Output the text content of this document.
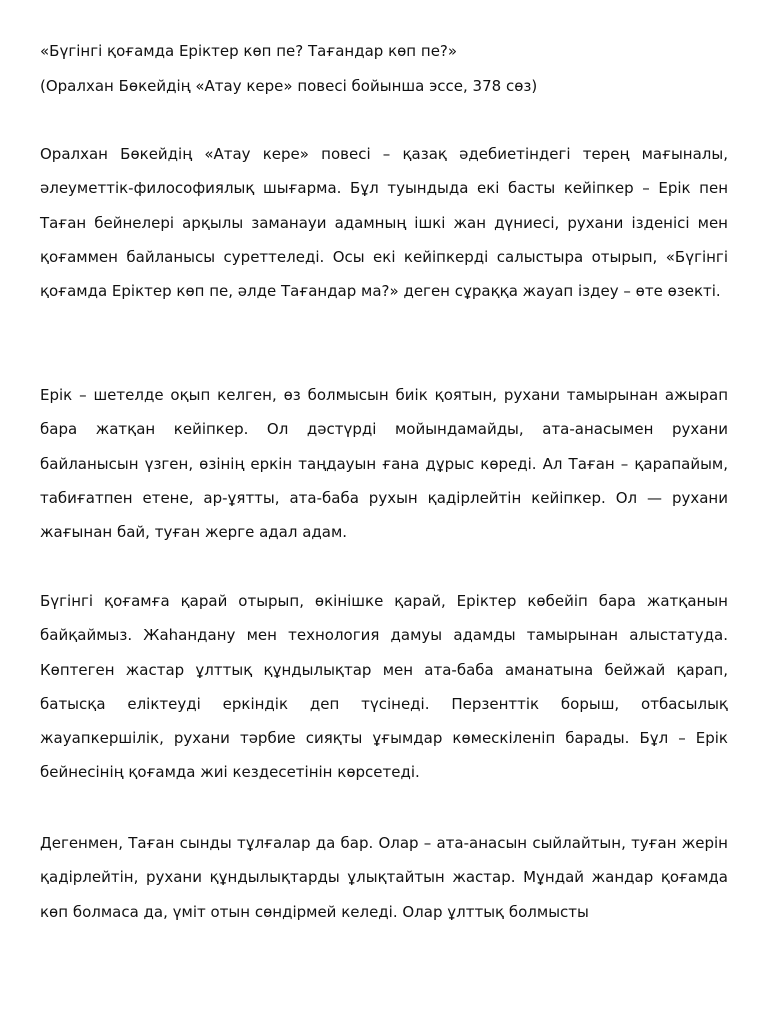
«Бүгінгі қоғамда Еріктер көп пе? Тағандар көп пе?»

(Оралхан Бөкейдің «Атау кере» повесі бойынша эссе, 378 сөз)

Оралхан Бөкейдің «Атау кере» повесі – қазақ әдебиетіндегі терең мағыналы, әлеуметтік-философиялық шығарма. Бұл туындыда екі басты кейіпкер – Ерік пен Таған бейнелері арқылы заманауи адамның ішкі жан дүниесі, рухани ізденісі мен қоғаммен байланысы суреттеледі. Осы екі кейіпкерді салыстыра отырып, «Бүгінгі қоғамда Еріктер көп пе, әлде Тағандар ма?» деген сұраққа жауап іздеу – өте өзекті.

Ерік – шетелде оқып келген, өз болмысын биік қоятын, рухани тамырынан ажырап бара жатқан кейіпкер. Ол дәстүрді мойындамайды, ата-анасымен рухани байланысын үзген, өзінің еркін таңдауын ғана дұрыс көреді. Ал Таған – қарапайым, табиғатпен етене, ар-ұятты, ата-баба рухын қадірлейтін кейіпкер. Ол — рухани жағынан бай, туған жерге адал адам.

Бүгінгі қоғамға қарай отырып, өкінішке қарай, Еріктер көбейіп бара жатқанын байқаймыз. Жаһандану мен технология дамуы адамды тамырынан алыстатуда. Көптеген жастар ұлттық құндылықтар мен ата-баба аманатына бейжай қарап, батысқа еліктеуді еркіндік деп түсінеді. Перзенттік борыш, отбасылық жауапкершілік, рухани тәрбие сияқты ұғымдар көмескіленіп барады. Бұл – Ерік бейнесінің қоғамда жиі кездесетінін көрсетеді.

Дегенмен, Таған сынды тұлғалар да бар. Олар – ата-анасын сыйлайтын, туған жерін қадірлейтін, рухани құндылықтарды ұлықтайтын жастар. Мұндай жандар қоғамда көп болмаса да, үміт отын сөндірмей келеді. Олар ұлттық болмысты
